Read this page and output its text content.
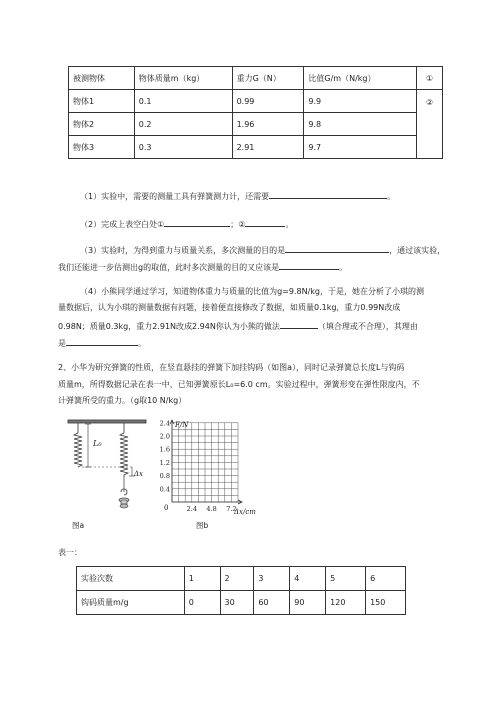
被测物体	物体质量m（kg）	重力G（N）	比值G/m（N/kg）	①
物体1	0.1	0.99	9.9	②
物体2	0.2	1.96	9.8	
物体3	0.3	2.91	9.7	
（1）实验中，需要的测量工具有弹簧测力计，还需要	。
（2）完成上表空白处①	；②	。
（3）实验时，为得到重力与质量关系，多次测量的目的是	，通过该实验，
我们还能进一步估测出g的取值，此时多次测量的目的又应该是	。
（4）小熊同学通过学习，知道物体重力与质量的比值为g=9.8N/kg，于是，她在分析了小琪的测
量数据后，认为小琪的测量数据有问题，接着便直接修改了数据，如质量0.1kg，重力0.99N改成
0.98N；质量0.3kg，重力2.91N改成2.94N你认为小熊的做法	（填合理或不合理），其理由
是	。
2、小华为研究弹簧的性质，在竖直悬挂的弹簧下加挂钩码（如图a），同时记录弹簧总长度L与钩码
质量m，所得数据记录在表一中，已知弹簧原长L₀=6.0 cm。实验过程中，弹簧形变在弹性限度内，不
计弹簧所受的重力。（g取10 N/kg）
L₀
Δx
图a
2.4
2.0
1.6
1.2
0.8
0.4
2.4 4.8 7.2
F/N
Δx/cm
0
图b
表一：
实验次数	1	2	3	4	5	6
钩码质量m/g	0	30	60	90	120	150
